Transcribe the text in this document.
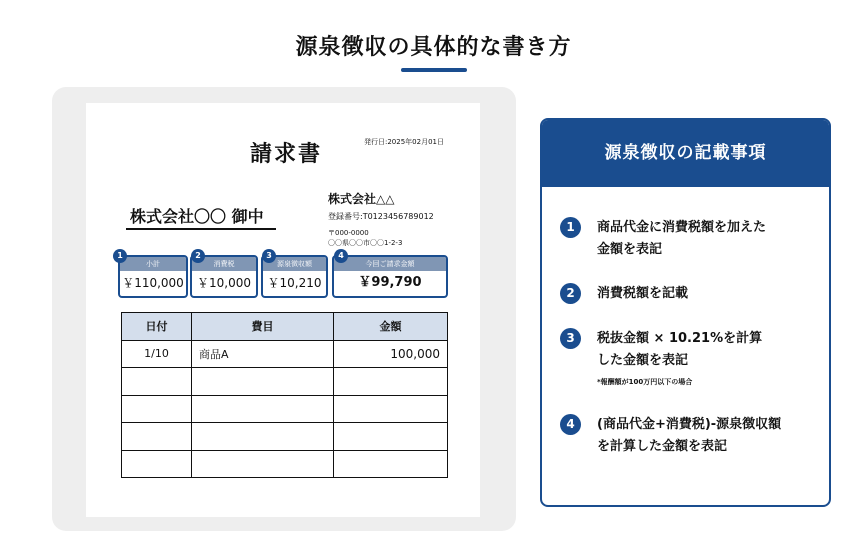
源泉徴収の具体的な書き方
請求書	発行日:2025年02月01日
株式会社〇〇 御中
株式会社△△
登録番号:T0123456789012
〒000-0000
〇〇県〇〇市〇〇1-2-3
小計
￥110,000
消費税
￥10,000
源泉徴収額
￥10,210
今回ご請求金額
￥99,790
1	2	3	4
日付	費目	金額
1/10	商品A	100,000

源泉徴収の記載事項
1	商品代金に消費税額を加えた
金額を表記
2	消費税額を記載
3	税抜金額 × 10.21%を計算
した金額を表記
*報酬額が100万円以下の場合
4	(商品代金+消費税)-源泉徴収額
を計算した金額を表記
